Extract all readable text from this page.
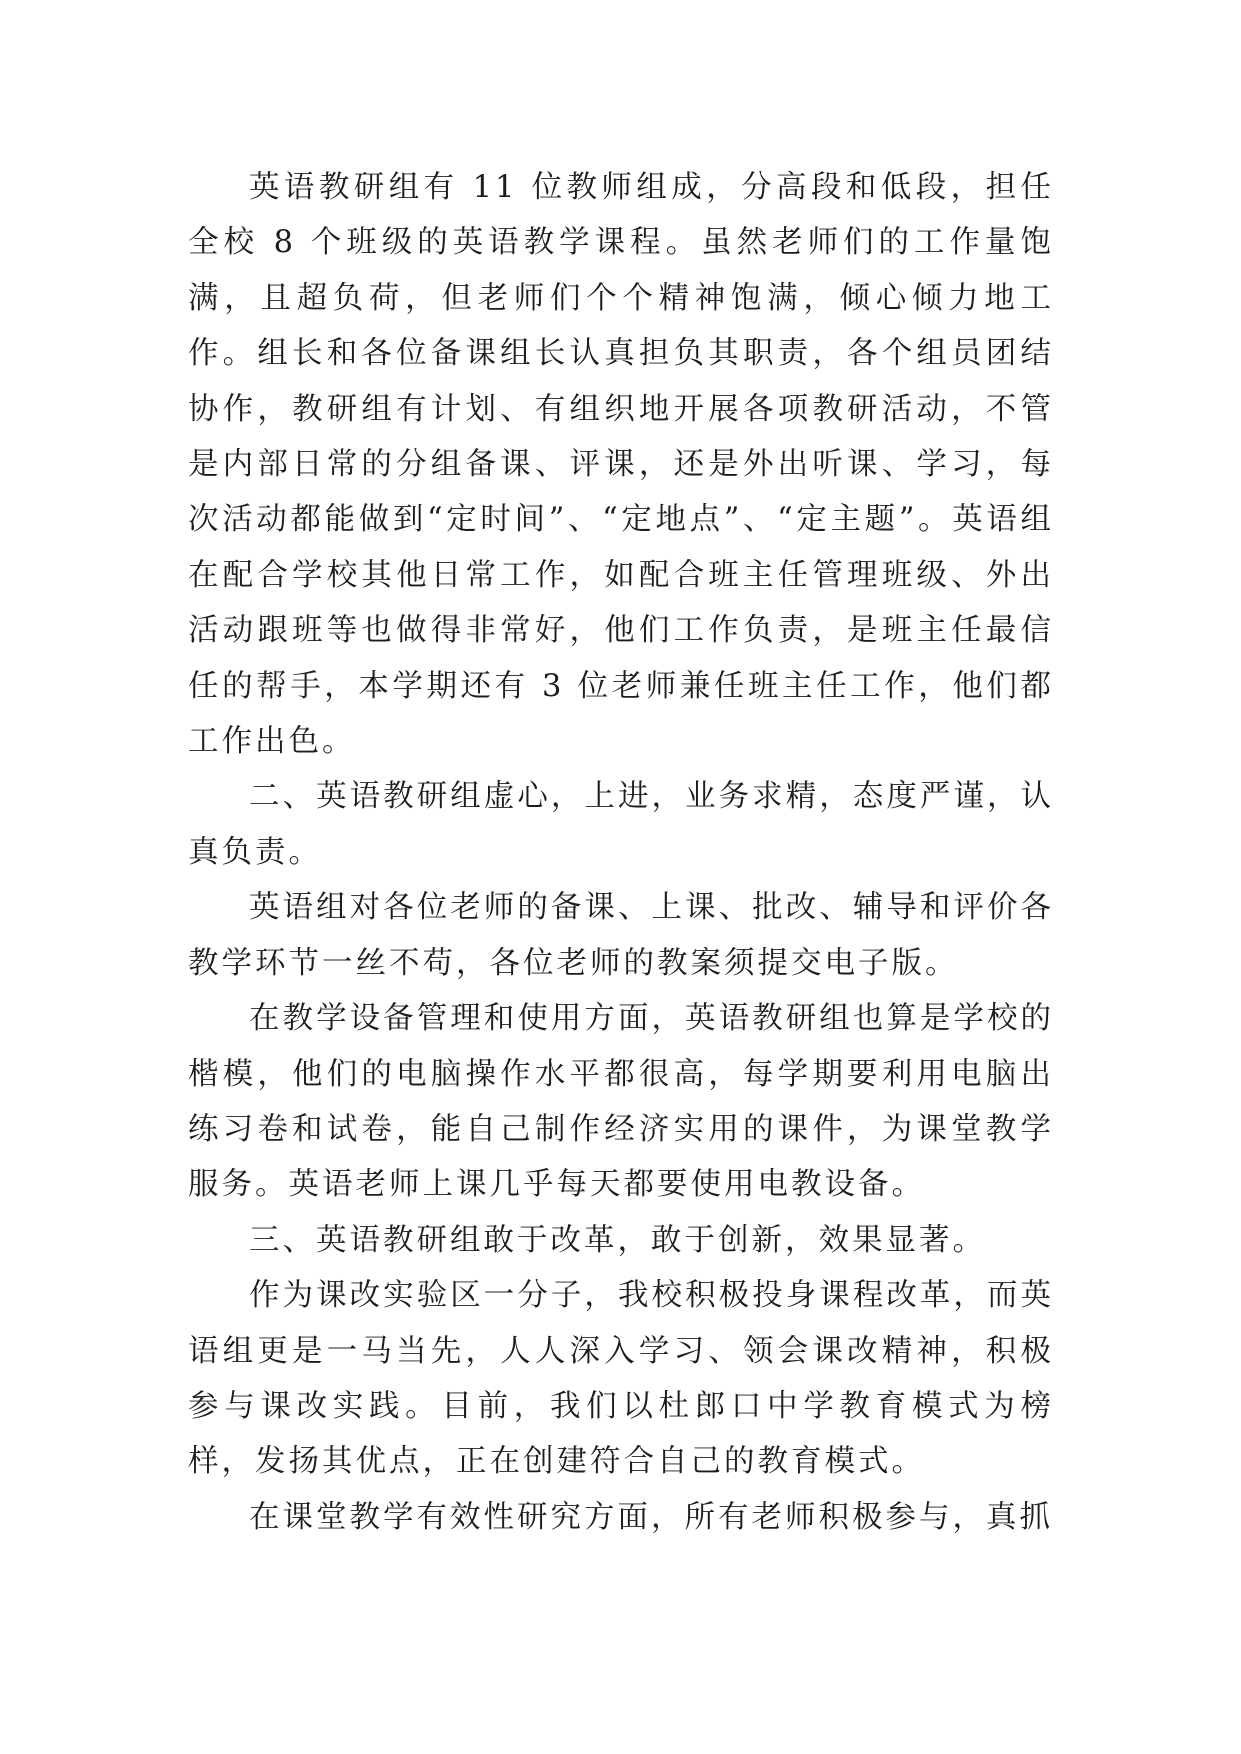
英语教研组有 11 位教师组成，分高段和低段，担任全校 8 个班级的英语教学课程。虽然老师们的工作量饱满，且超负荷，但老师们个个精神饱满，倾心倾力地工作。组长和各位备课组长认真担负其职责，各个组员团结协作，教研组有计划、有组织地开展各项教研活动，不管是内部日常的分组备课、评课，还是外出听课、学习，每次活动都能做到“定时间”、“定地点”、“定主题”。英语组在配合学校其他日常工作，如配合班主任管理班级、外出活动跟班等也做得非常好，他们工作负责，是班主任最信任的帮手，本学期还有 3 位老师兼任班主任工作，他们都工作出色。

二、英语教研组虚心，上进，业务求精，态度严谨，认真负责。

英语组对各位老师的备课、上课、批改、辅导和评价各教学环节一丝不苟，各位老师的教案须提交电子版。

在教学设备管理和使用方面，英语教研组也算是学校的楷模，他们的电脑操作水平都很高，每学期要利用电脑出练习卷和试卷，能自己制作经济实用的课件，为课堂教学服务。英语老师上课几乎每天都要使用电教设备。

三、英语教研组敢于改革，敢于创新，效果显著。

作为课改实验区一分子，我校积极投身课程改革，而英语组更是一马当先，人人深入学习、领会课改精神，积极参与课改实践。目前，我们以杜郎口中学教育模式为榜样，发扬其优点，正在创建符合自己的教育模式。

在课堂教学有效性研究方面，所有老师积极参与，真抓
